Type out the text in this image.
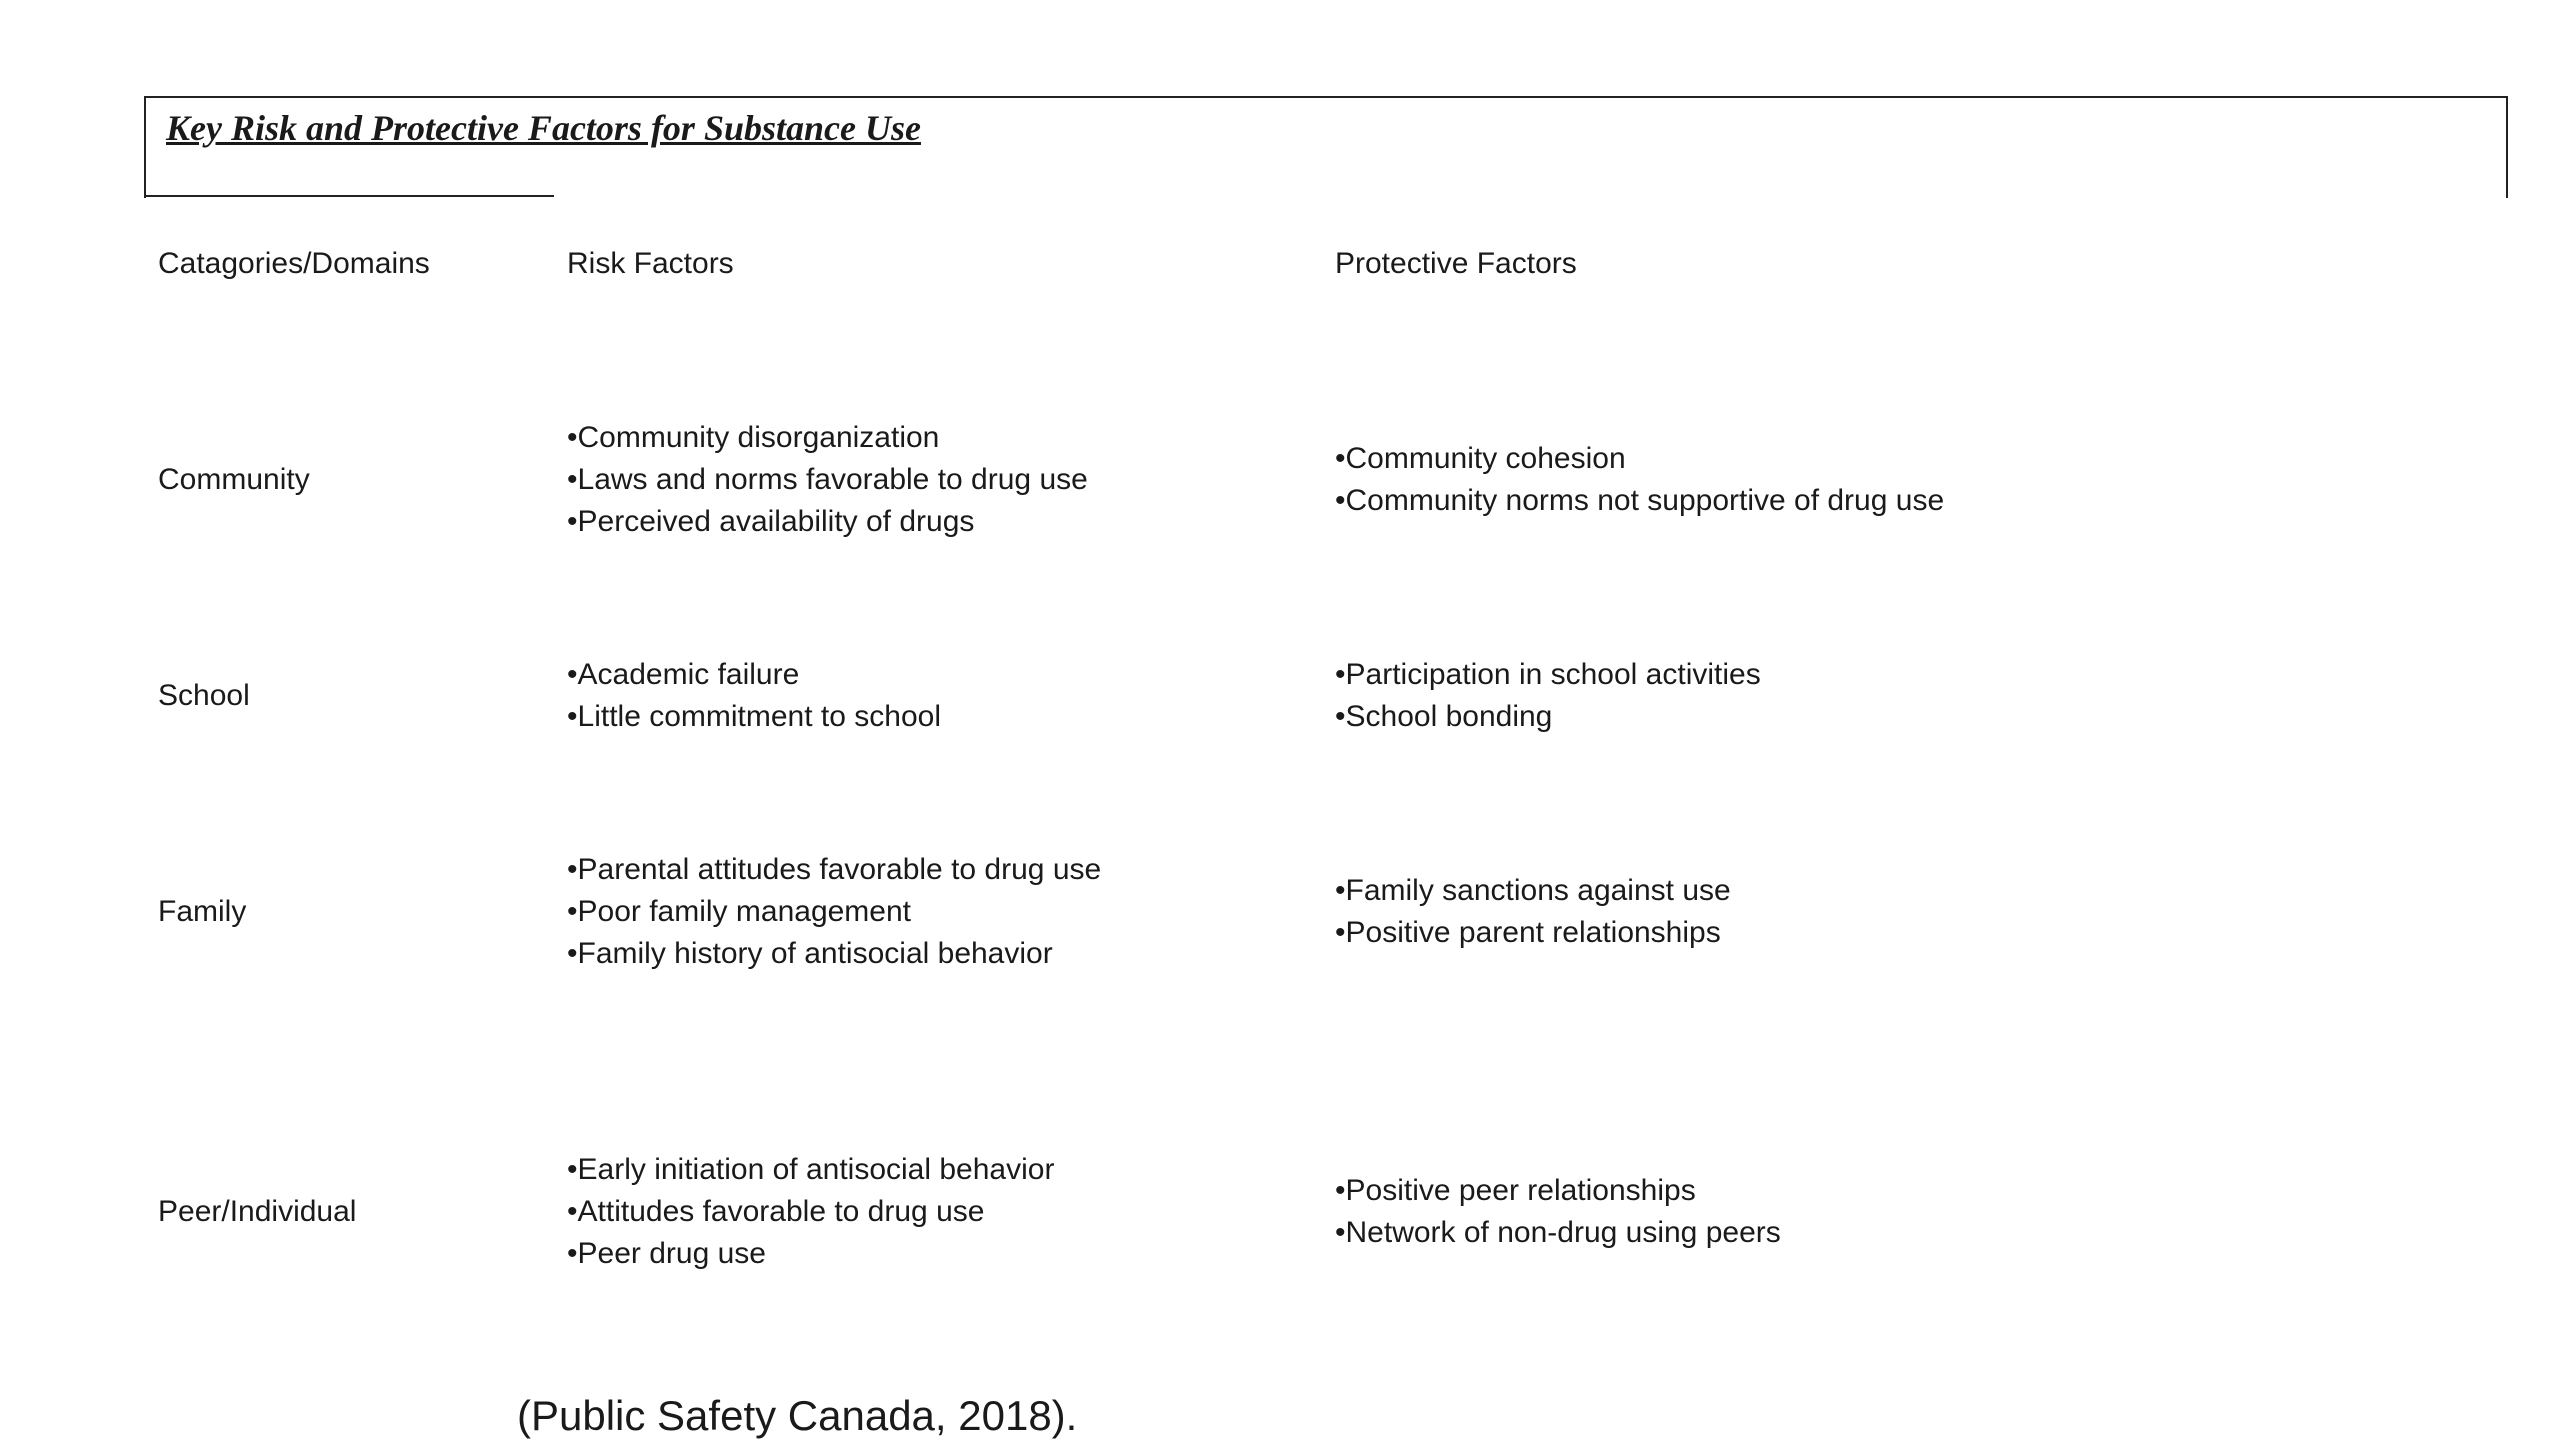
Key Risk and Protective Factors for Substance Use
Catagories/Domains	Risk Factors	Protective Factors
Community
• Community disorganization
• Laws and norms favorable to drug use
• Perceived availability of drugs
• Community cohesion
• Community norms not supportive of drug use
School
• Academic failure
• Little commitment to school
• Participation in school activities
• School bonding
Family
• Parental attitudes favorable to drug use
• Poor family management
• Family history of antisocial behavior
• Family sanctions against use
• Positive parent relationships
Peer/Individual
• Early initiation of antisocial behavior
• Attitudes favorable to drug use
• Peer drug use
• Positive peer relationships
• Network of non-drug using peers
(Public Safety Canada, 2018).
